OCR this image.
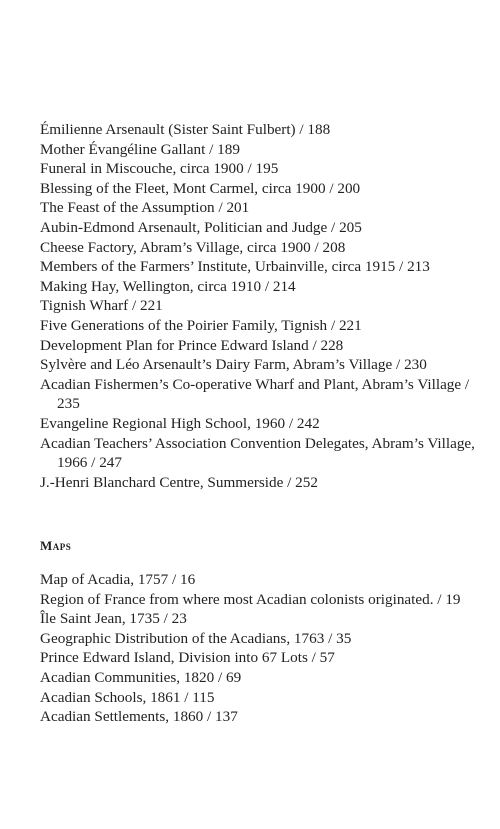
Émilienne Arsenault (Sister Saint Fulbert) / 188
Mother Évangéline Gallant / 189
Funeral in Miscouche, circa 1900 / 195
Blessing of the Fleet, Mont Carmel, circa 1900 / 200
The Feast of the Assumption / 201
Aubin-Edmond Arsenault, Politician and Judge / 205
Cheese Factory, Abram’s Village, circa 1900 / 208
Members of the Farmers’ Institute, Urbainville, circa 1915 / 213
Making Hay, Wellington, circa 1910 / 214
Tignish Wharf / 221
Five Generations of the Poirier Family, Tignish / 221
Development Plan for Prince Edward Island / 228
Sylvère and Léo Arsenault’s Dairy Farm, Abram’s Village / 230
Acadian Fishermen’s Co-operative Wharf and Plant, Abram’s Village / 235
Evangeline Regional High School, 1960 / 242
Acadian Teachers’ Association Convention Delegates, Abram’s Village, 1966 / 247
J.-Henri Blanchard Centre, Summerside / 252
Maps
Map of Acadia, 1757 / 16
Region of France from where most Acadian colonists originated. / 19
Île Saint Jean, 1735 / 23
Geographic Distribution of the Acadians, 1763 / 35
Prince Edward Island, Division into 67 Lots / 57
Acadian Communities, 1820 / 69
Acadian Schools, 1861 / 115
Acadian Settlements, 1860 / 137
